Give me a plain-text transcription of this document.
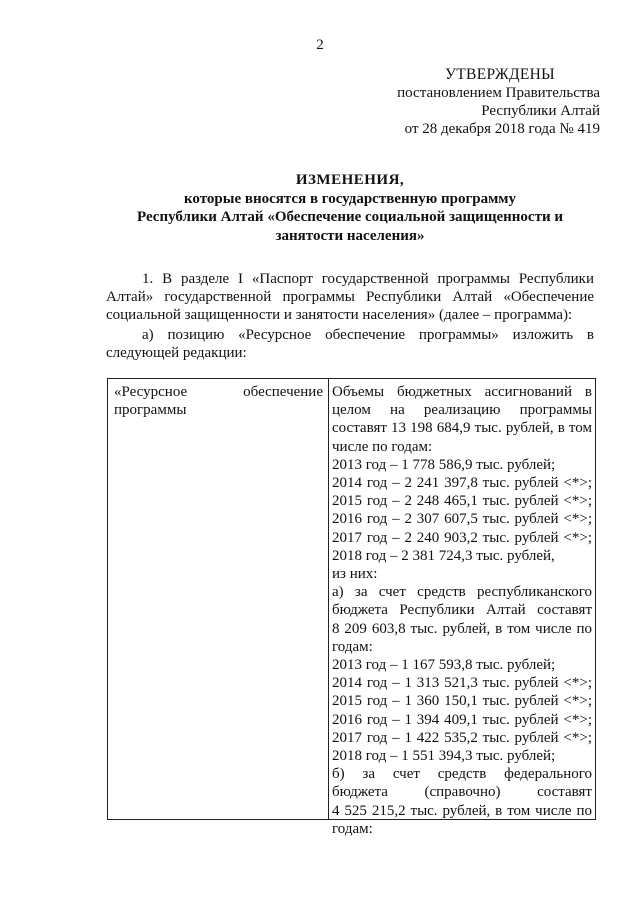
2
УТВЕРЖДЕНЫ
постановлением Правительства
Республики Алтай
от 28 декабря 2018 года № 419
ИЗМЕНЕНИЯ,
которые вносятся в государственную программу
Республики Алтай «Обеспечение социальной защищенности и
занятости населения»
1. В разделе I «Паспорт государственной программы Республики
Алтай» государственной программы Республики Алтай «Обеспечение
социальной защищенности и занятости населения» (далее – программа):
а) позицию «Ресурсное обеспечение программы» изложить в
следующей редакции:
«Ресурсное обеспечение
программы
Объемы бюджетных ассигнований в
целом на реализацию программы
составят 13 198 684,9 тыс. рублей, в том
числе по годам:
2013 год – 1 778 586,9 тыс. рублей;
2014 год – 2 241 397,8 тыс. рублей <*>;
2015 год – 2 248 465,1 тыс. рублей <*>;
2016 год – 2 307 607,5 тыс. рублей <*>;
2017 год – 2 240 903,2 тыс. рублей <*>;
2018 год – 2 381 724,3 тыс. рублей,
из них:
а) за счет средств республиканского
бюджета Республики Алтай составят
8 209 603,8 тыс. рублей, в том числе по
годам:
2013 год – 1 167 593,8 тыс. рублей;
2014 год – 1 313 521,3 тыс. рублей <*>;
2015 год – 1 360 150,1 тыс. рублей <*>;
2016 год – 1 394 409,1 тыс. рублей <*>;
2017 год – 1 422 535,2 тыс. рублей <*>;
2018 год – 1 551 394,3 тыс. рублей;
б) за счет средств федерального
бюджета (справочно) составят
4 525 215,2 тыс. рублей, в том числе по
годам:
